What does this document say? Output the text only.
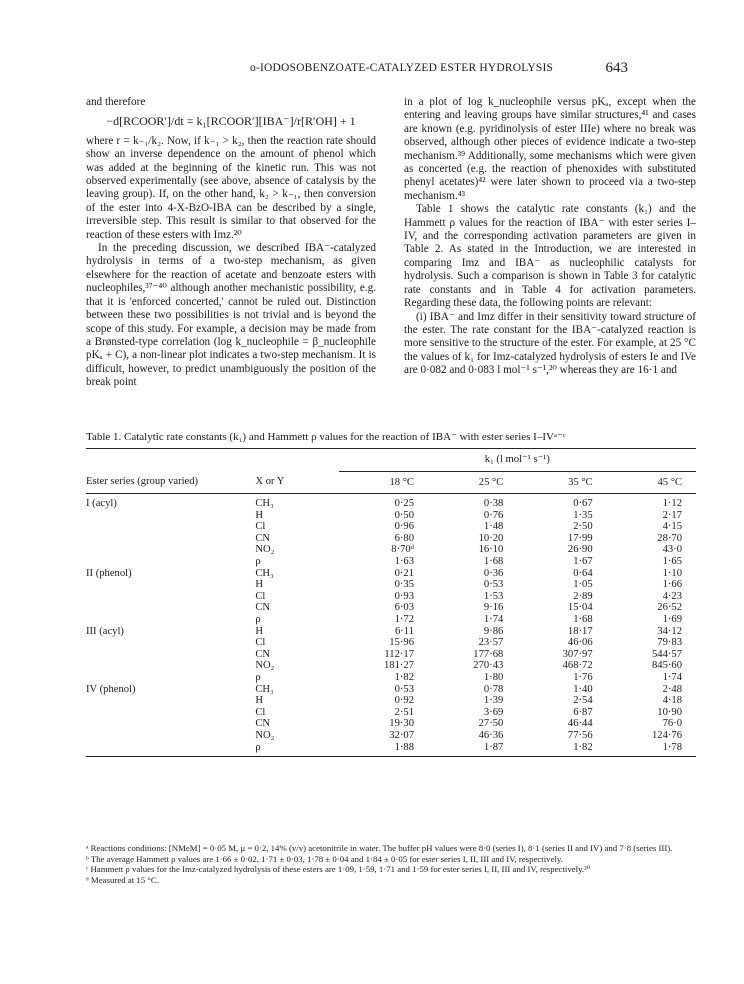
o-IODOSOBENZOATE-CATALYZED ESTER HYDROLYSIS	643

and therefore

−d[RCOOR′]/dt = k₁[RCOOR′][IBA⁻]/r[R′OH] + 1

where r = k₋₁/k₂. Now, if k₋₁ > k₂, then the reaction rate should show an inverse dependence on the amount of phenol which was added at the beginning of the kinetic run. This was not observed experimentally (see above, absence of catalysis by the leaving group). If, on the other hand, k₂ > k₋₁, then conversion of the ester into 4-X-BzO-IBA can be described by a single, irreversible step. This result is similar to that observed for the reaction of these esters with Imz.²⁰

In the preceding discussion, we described IBA⁻-catalyzed hydrolysis in terms of a two-step mechanism, as given elsewhere for the reaction of acetate and benzoate esters with nucleophiles,³⁷⁻⁴⁰ although another mechanistic possibility, e.g. that it is 'enforced concerted,' cannot be ruled out. Distinction between these two possibilities is not trivial and is beyond the scope of this study. For example, a decision may be made from a Brønsted-type correlation (log k_nucleophile = β_nucleophile pKₐ + C), a non-linear plot indicates a two-step mechanism. It is difficult, however, to predict unambiguously the position of the break point

in a plot of log k_nucleophile versus pKₐ, except when the entering and leaving groups have similar structures,⁴¹ and cases are known (e.g. pyridinolysis of ester IIIe) where no break was observed, although other pieces of evidence indicate a two-step mechanism.³⁹ Additionally, some mechanisms which were given as concerted (e.g. the reaction of phenoxides with substituted phenyl acetates)⁴² were later shown to proceed via a two-step mechanism.⁴³

Table 1 shows the catalytic rate constants (k₁) and the Hammett ρ values for the reaction of IBA⁻ with ester series I–IV, and the corresponding activation parameters are given in Table 2. As stated in the Introduction, we are interested in comparing Imz and IBA⁻ as nucleophilic catalysts for hydrolysis. Such a comparison is shown in Table 3 for catalytic rate constants and in Table 4 for activation parameters. Regarding these data, the following points are relevant:

(i) IBA⁻ and Imz differ in their sensitivity toward structure of the ester. The rate constant for the IBA⁻-catalyzed reaction is more sensitive to the structure of the ester. For example, at 25 °C the values of k₁ for Imz-catalyzed hydrolysis of esters Ie and IVe are 0·082 and 0·083 l mol⁻¹ s⁻¹,²⁰ whereas they are 16·1 and

Table 1. Catalytic rate constants (k₁) and Hammett ρ values for the reaction of IBA⁻ with ester series I–IVᵃ⁻ᶜ
		k₁ (l mol⁻¹ s⁻¹)			
Ester series (group varied)	X or Y	18 °C	25 °C	35 °C	45 °C
I (acyl)	CH₃	0·25	0·38	0·67	1·12
	H	0·50	0·76	1·35	2·17
	Cl	0·96	1·48	2·50	4·15
	CN	6·80	10·20	17·99	28·70
	NO₂	8·70ᵈ	16·10	26·90	43·0
	ρ	1·63	1·68	1·67	1·65
II (phenol)	CH₃	0·21	0·36	0·64	1·10
	H	0·35	0·53	1·05	1·66
	Cl	0·93	1·53	2·89	4·23
	CN	6·03	9·16	15·04	26·52
	ρ	1·72	1·74	1·68	1·69
III (acyl)	H	6·11	9·86	18·17	34·12
	Cl	15·96	23·57	46·06	79·83
	CN	112·17	177·68	307·97	544·57
	NO₂	181·27	270·43	468·72	845·60
	ρ	1·82	1·80	1·76	1·74
IV (phenol)	CH₃	0·53	0·78	1·40	2·48
	H	0·92	1·39	2·54	4·18
	Cl	2·51	3·69	6·87	10·90
	CN	19·30	27·50	46·44	76·0
	NO₂	32·07	46·36	77·56	124·76
	ρ	1·88	1·87	1·82	1·78

ᵃ Reactions conditions: [NMeM] = 0·05 M, μ = 0·2, 14% (v/v) acetonitrile in water. The buffer pH values were 8·0 (series I), 8·1 (series II and IV) and 7·8 (series III).

ᵇ The average Hammett ρ values are 1·66 ± 0·02, 1·71 ± 0·03, 1·78 ± 0·04 and 1·84 ± 0·05 for ester series I, II, III and IV, respectively.

ᶜ Hammett ρ values for the Imz-catalyzed hydrolysis of these esters are 1·09, 1·59, 1·71 and 1·59 for ester series I, II, III and IV, respectively.²⁰

ᵈ Measured at 15 °C.
